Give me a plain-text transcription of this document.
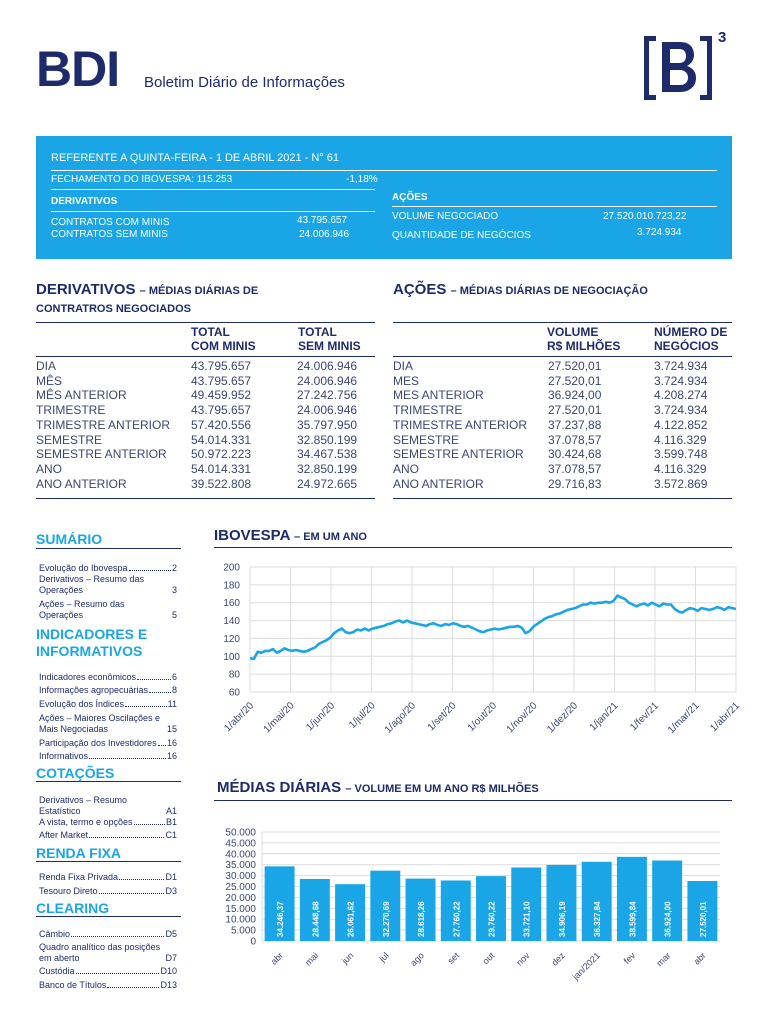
BDI Boletim Diário de Informações
3
REFERENTE A QUINTA-FEIRA - 1 DE ABRIL 2021 - N° 61
FECHAMENTO DO IBOVESPA: 115.253	-1,18%
DERIVATIVOS
CONTRATOS COM MINIS	43.795.657
CONTRATOS SEM MINIS	24.006.946
AÇÕES
VOLUME NEGOCIADO	27.520.010.723,22
QUANTIDADE DE NEGÓCIOS	3.724.934
DERIVATIVOS – MÉDIAS DIÁRIAS DE
CONTRATROS NEGOCIADOS
TOTAL
COM MINIS
TOTAL
SEM MINIS
DIA	43.795.657	24.006.946
MÊS	43.795.657	24.006.946
MÊS ANTERIOR	49.459.952	27.242.756
TRIMESTRE	43.795.657	24.006.946
TRIMESTRE ANTERIOR 57.420.556	35.797.950
SEMESTRE	54.014.331	32.850.199
SEMESTRE ANTERIOR 50.972.223	34.467.538
ANO	54.014.331	32.850.199
ANO ANTERIOR	39.522.808	24.972.665
AÇÕES – MÉDIAS DIÁRIAS DE NEGOCIAÇÃO
VOLUME
R$ MILHÕES
NÚMERO DE
NEGÓCIOS
DIA	27.520,01	3.724.934
MES	27.520,01	3.724.934
MES ANTERIOR	36.924,00	4.208.274
TRIMESTRE	27.520,01	3.724.934
TRIMESTRE ANTERIOR 37.237,88	4.122.852
SEMESTRE	37.078,57	4.116.329
SEMESTRE ANTERIOR 30.424,68	3.599.748
ANO	37.078,57	4.116.329
ANO ANTERIOR	29.716,83	3.572.869
SUMÁRIO
Evolução do Ibovespa	2
Derivativos – Resumo das Operações	3
Ações – Resumo das Operações	5
INDICADORES E INFORMATIVOS
Indicadores econômicos	6
Informações agropecuárias	8
Evolução dos Índices	11
Ações – Maiores Oscilações e Mais Negociadas	15
Participação dos Investidores 16
Informativos	16
COTAÇÕES
Derivativos – Resumo Estatístico	A1
A vista, termo e opções	B1
After Market	C1
RENDA FIXA
Renda Fixa Privada	D1
Tesouro Direto	D3
CLEARING
Câmbio	D5
Quadro analítico das posições em aberto	D7
Custódia	D10
Banco de Títulos	D13
IBOVESPA – EM UM ANO
60
80
100
120
140
160
180
200
1/abr/20 1/mai/20 1/jun/20 1/jul/20 1/ago/20 1/set/20 1/out/20 1/nov/20 1/dez/20 1/jan/21 1/fev/21 1/mar/21 1/abr/21
MÉDIAS DIÁRIAS – VOLUME EM UM ANO R$ MILHÕES
0
5.000
10.000
15.000
20.000
25.000
30.000
35.000
40.000
45.000
50.000
34.246,37
abr
28.448,68
mai
26.061,62
jun
32.270,69
jul
28.618,26
ago
27.760,22
set
29.760,22
out
33.721,10
nov
34.906,19
dez
36.327,84
jan/2021
38.599,84
fev
36.924,00
mar
27.520,01
abr
